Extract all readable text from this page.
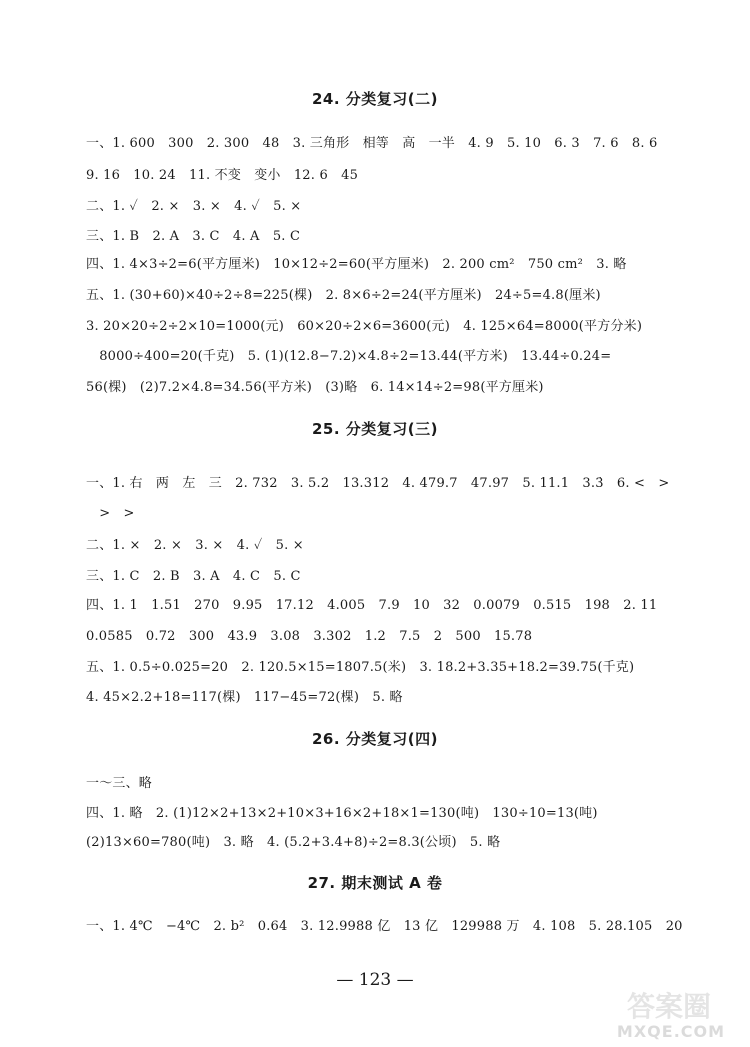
24. 分类复习(二)
一、1. 600　300　2. 300　48　3. 三角形　相等　高　一半　4. 9　5. 10　6. 3　7. 6　8. 6
9. 16　10. 24　11. 不变　变小　12. 6　45
二、1. ✓　2. ×　3. ×　4. ✓　5. ×
三、1. B　2. A　3. C　4. A　5. C
四、1. 4×3÷2=6(平方厘米)　10×12÷2=60(平方厘米)　2. 200 cm²　750 cm²　3. 略
五、1. (30+60)×40÷2÷8=225(棵)　2. 8×6÷2=24(平方厘米)　24÷5=4.8(厘米)
3. 20×20÷2÷2×10=1000(元)　60×20÷2×6=3600(元)　4. 125×64=8000(平方分米)
　8000÷400=20(千克)　5. (1)(12.8−7.2)×4.8÷2=13.44(平方米)　13.44÷0.24=
56(棵)　(2)7.2×4.8=34.56(平方米)　(3)略　6. 14×14÷2=98(平方厘米)
25. 分类复习(三)
一、1. 右　两　左　三　2. 732　3. 5.2　13.312　4. 479.7　47.97　5. 11.1　3.3̇　6. <　>
　>　>
二、1. ×　2. ×　3. ×　4. ✓　5. ×
三、1. C　2. B　3. A　4. C　5. C
四、1. 1　1.51　270　9.95　17.12　4.005　7.9　10　32　0.0079　0.515　198　2. 11
0.0585　0.72　300　43.9　3.08　3.302　1.2　7.5　2　500　15.78
五、1. 0.5÷0.025=20　2. 120.5×15=1807.5(米)　3. 18.2+3.35+18.2=39.75(千克)
4. 45×2.2+18=117(棵)　117−45=72(棵)　5. 略
26. 分类复习(四)
一～三、略
四、1. 略　2. (1)12×2+13×2+10×3+16×2+18×1=130(吨)　130÷10=13(吨)
(2)13×60=780(吨)　3. 略　4. (5.2+3.4+8)÷2=8.3(公顷)　5. 略
27. 期末测试 A 卷
一、1. 4℃　−4℃　2. b²　0.64　3. 12.9988 亿　13 亿　129988 万　4. 108　5. 28.105　20
— 123 —
答案圈
MXQE.COM
